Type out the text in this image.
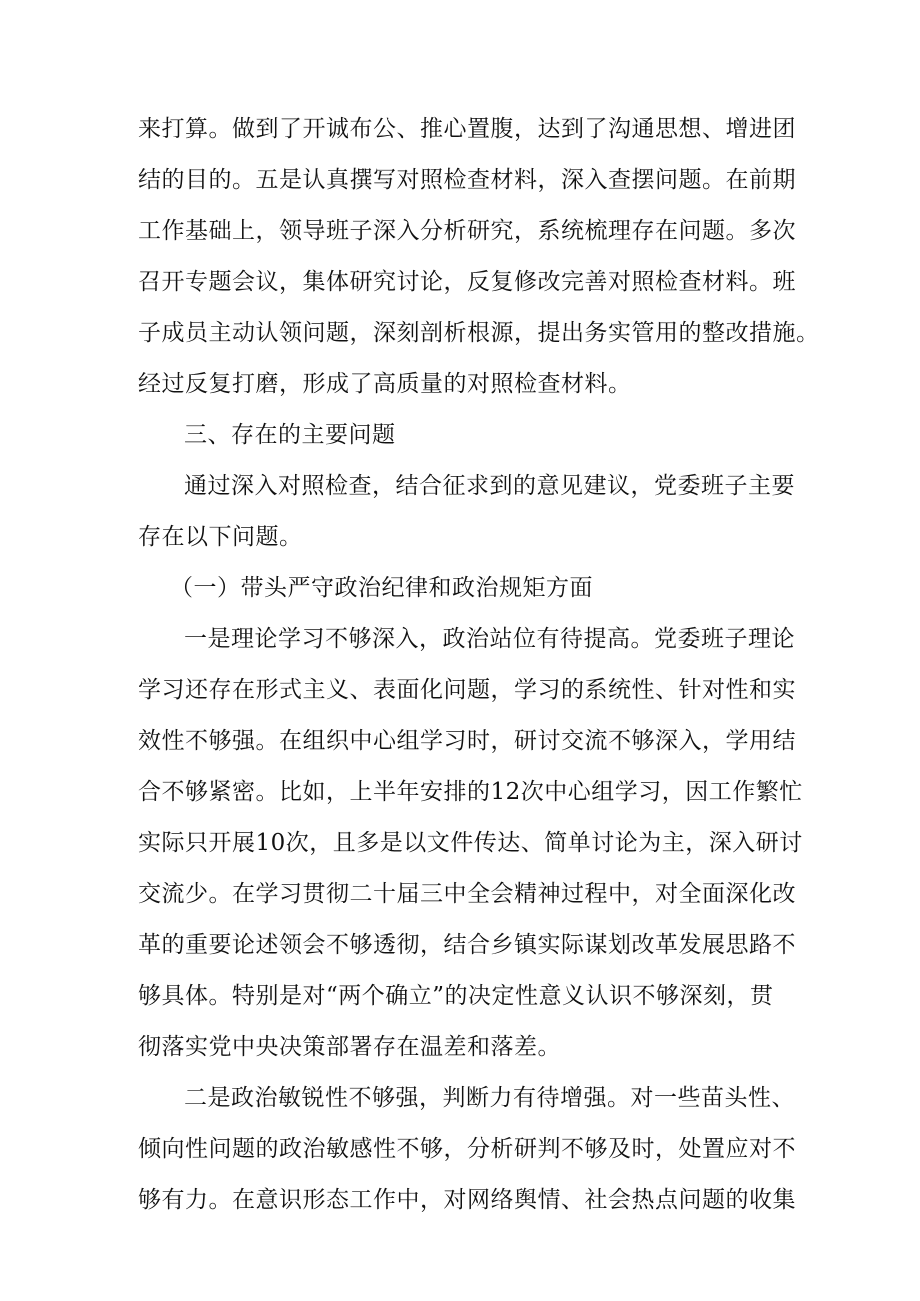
来打算。做到了开诚布公、推心置腹，达到了沟通思想、增进团
结的目的。五是认真撰写对照检查材料，深入查摆问题。在前期
工作基础上，领导班子深入分析研究，系统梳理存在问题。多次
召开专题会议，集体研究讨论，反复修改完善对照检查材料。班
子成员主动认领问题，深刻剖析根源，提出务实管用的整改措施。
经过反复打磨，形成了高质量的对照检查材料。
三、存在的主要问题
通过深入对照检查，结合征求到的意见建议，党委班子主要
存在以下问题。
（一）带头严守政治纪律和政治规矩方面
一是理论学习不够深入，政治站位有待提高。党委班子理论
学习还存在形式主义、表面化问题，学习的系统性、针对性和实
效性不够强。在组织中心组学习时，研讨交流不够深入，学用结
合不够紧密。比如，上半年安排的12次中心组学习，因工作繁忙
实际只开展10次，且多是以文件传达、简单讨论为主，深入研讨
交流少。在学习贯彻二十届三中全会精神过程中，对全面深化改
革的重要论述领会不够透彻，结合乡镇实际谋划改革发展思路不
够具体。特别是对“两个确立”的决定性意义认识不够深刻，贯
彻落实党中央决策部署存在温差和落差。
二是政治敏锐性不够强，判断力有待增强。对一些苗头性、
倾向性问题的政治敏感性不够，分析研判不够及时，处置应对不
够有力。在意识形态工作中，对网络舆情、社会热点问题的收集
